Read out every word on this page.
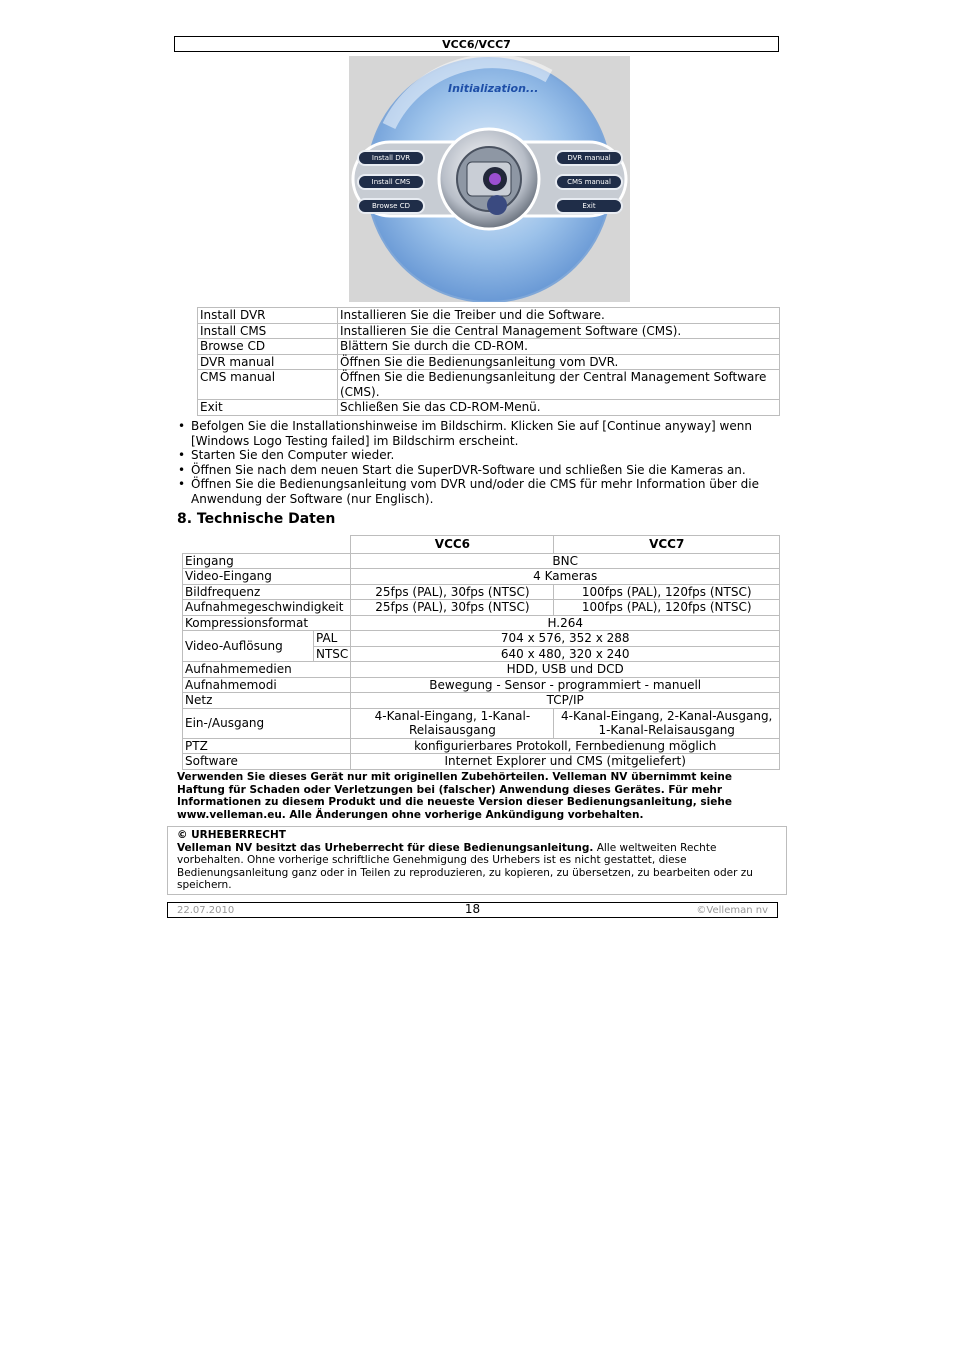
VCC6/VCC7
Initialization...
Install DVR
Install CMS
Browse CD
DVR manual
CMS manual
Exit
Install DVR	Installieren Sie die Treiber und die Software.
Install CMS	Installieren Sie die Central Management Software (CMS).
Browse CD	Blättern Sie durch die CD-ROM.
DVR manual	Öffnen Sie die Bedienungsanleitung vom DVR.
CMS manual	Öffnen Sie die Bedienungsanleitung der Central Management Software (CMS).
Exit	Schließen Sie das CD-ROM-Menü.
• Befolgen Sie die Installationshinweise im Bildschirm. Klicken Sie auf [Continue anyway] wenn [Windows Logo Testing failed] im Bildschirm erscheint.
• Starten Sie den Computer wieder.
• Öffnen Sie nach dem neuen Start die SuperDVR-Software und schließen Sie die Kameras an.
• Öffnen Sie die Bedienungsanleitung vom DVR und/oder die CMS für mehr Information über die Anwendung der Software (nur Englisch).
8. Technische Daten
		VCC6	VCC7
Eingang		BNC	
Video-Eingang		4 Kameras	
Bildfrequenz		25fps (PAL), 30fps (NTSC)	100fps (PAL), 120fps (NTSC)
Aufnahmegeschwindigkeit		25fps (PAL), 30fps (NTSC)	100fps (PAL), 120fps (NTSC)
Kompressionsformat		H.264	
Video-Auflösung	PAL	704 x 576, 352 x 288	
	NTSC	640 x 480, 320 x 240	
Aufnahmemedien		HDD, USB und DCD	
Aufnahmemodi		Bewegung - Sensor - programmiert - manuell	
Netz		TCP/IP	
Ein-/Ausgang		4-Kanal-Eingang, 1-Kanal-Relaisausgang	4-Kanal-Eingang, 2-Kanal-Ausgang, 1-Kanal-Relaisausgang
PTZ		konfigurierbares Protokoll, Fernbedienung möglich	
Software		Internet Explorer und CMS (mitgeliefert)	
Verwenden Sie dieses Gerät nur mit originellen Zubehörteilen. Velleman NV übernimmt keine Haftung für Schaden oder Verletzungen bei (falscher) Anwendung dieses Gerätes. Für mehr Informationen zu diesem Produkt und die neueste Version dieser Bedienungsanleitung, siehe www.velleman.eu. Alle Änderungen ohne vorherige Ankündigung vorbehalten.
© URHEBERRECHT
Velleman NV besitzt das Urheberrecht für diese Bedienungsanleitung. Alle weltweiten Rechte vorbehalten. Ohne vorherige schriftliche Genehmigung des Urhebers ist es nicht gestattet, diese Bedienungsanleitung ganz oder in Teilen zu reproduzieren, zu kopieren, zu übersetzen, zu bearbeiten oder zu speichern.
22.07.2010	18	©Velleman nv
